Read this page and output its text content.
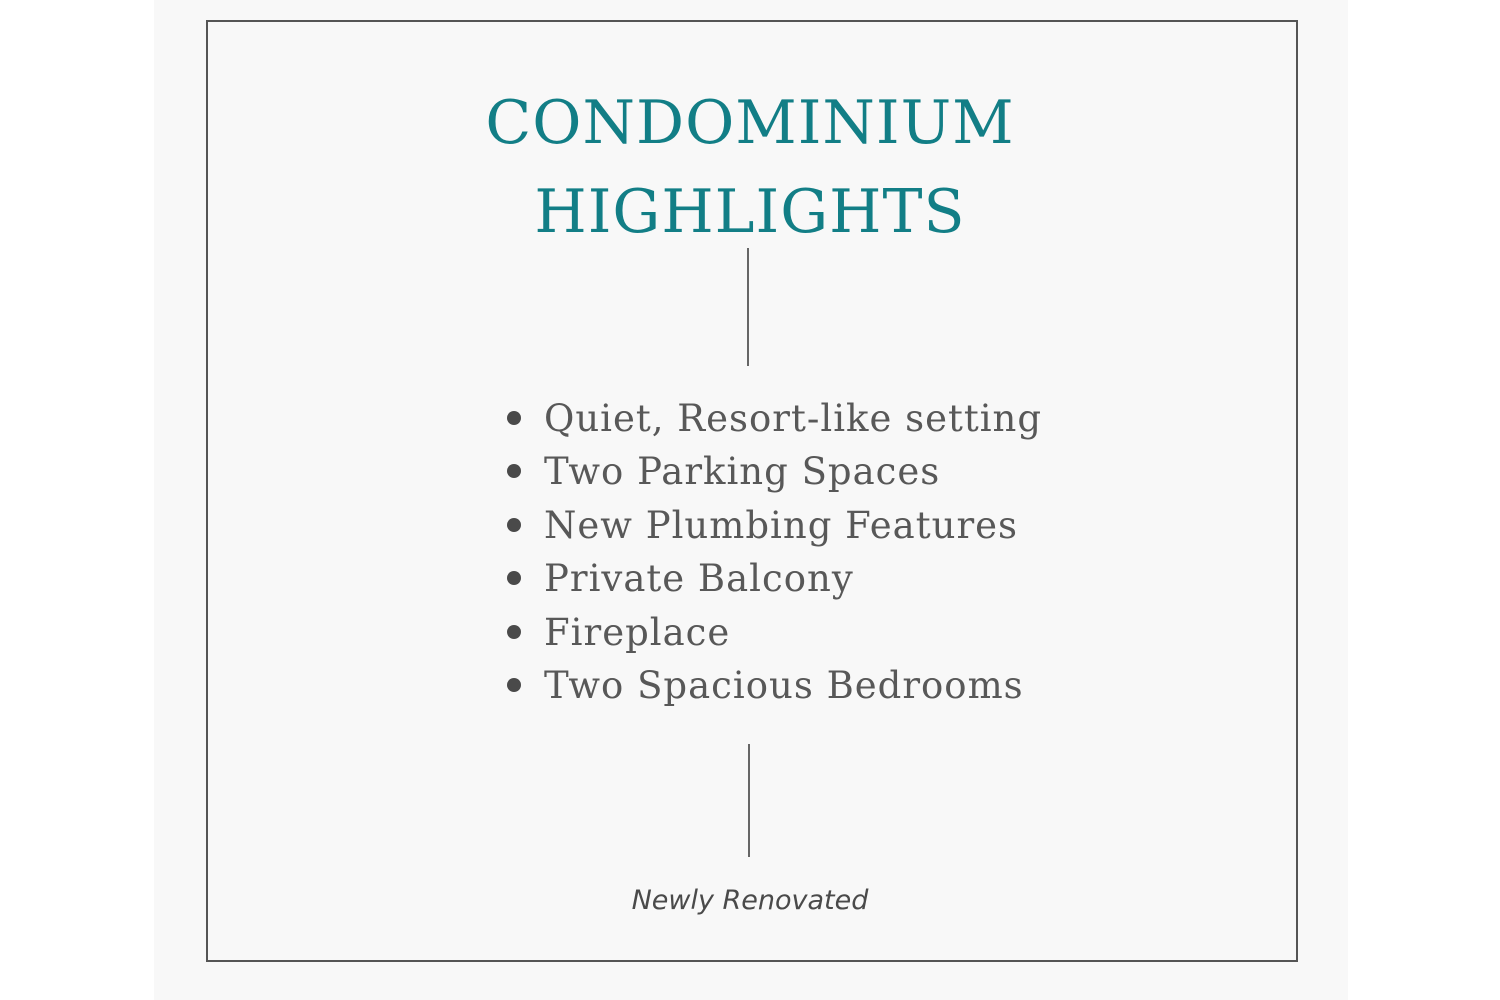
CONDOMINIUM
HIGHLIGHTS
Quiet, Resort-like setting
Two Parking Spaces
New Plumbing Features
Private Balcony
Fireplace
Two Spacious Bedrooms
Newly Renovated
